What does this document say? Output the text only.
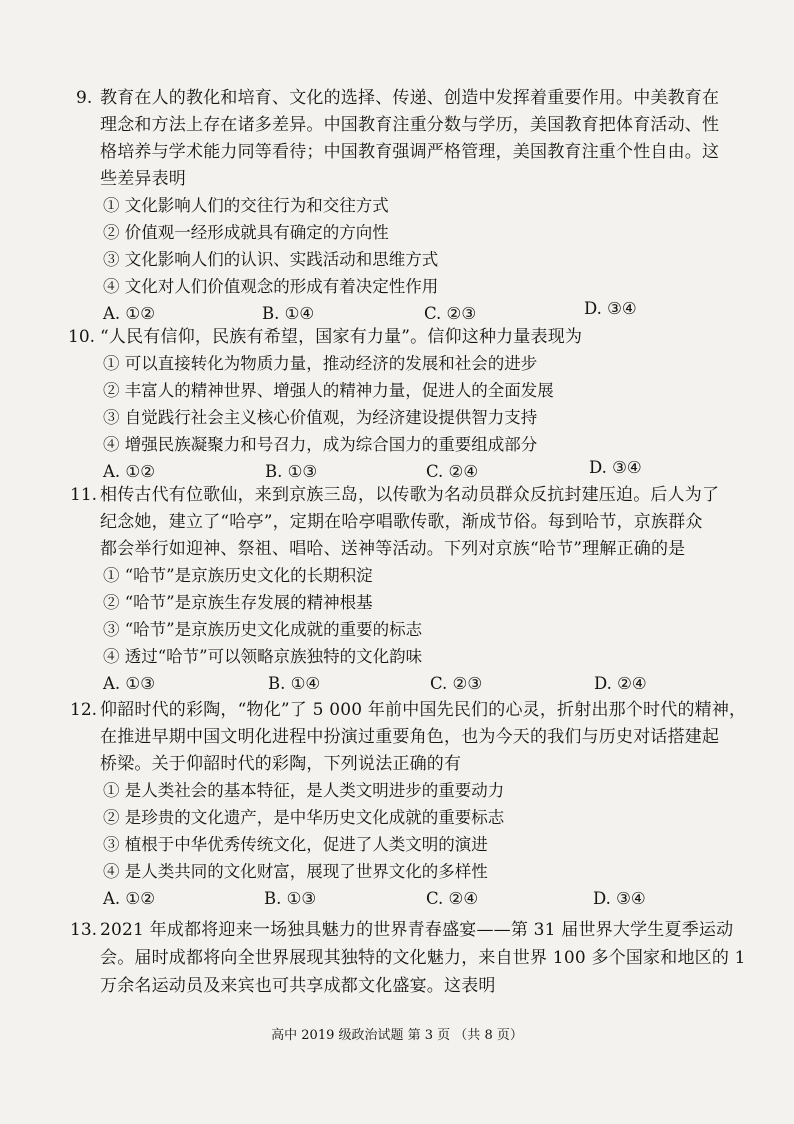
9. 教育在人的教化和培育、文化的选择、传递、创造中发挥着重要作用。中美教育在
理念和方法上存在诸多差异。中国教育注重分数与学历，美国教育把体育活动、性
格培养与学术能力同等看待；中国教育强调严格管理，美国教育注重个性自由。这
些差异表明
① 文化影响人们的交往行为和交往方式
② 价值观一经形成就具有确定的方向性
③ 文化影响人们的认识、实践活动和思维方式
④ 文化对人们价值观念的形成有着决定性作用
A. ①②	B. ①④	C. ②③	D. ③④
10. “人民有信仰，民族有希望，国家有力量”。信仰这种力量表现为
① 可以直接转化为物质力量，推动经济的发展和社会的进步
② 丰富人的精神世界、增强人的精神力量，促进人的全面发展
③ 自觉践行社会主义核心价值观，为经济建设提供智力支持
④ 增强民族凝聚力和号召力，成为综合国力的重要组成部分
A. ①②	B. ①③	C. ②④	D. ③④
11. 相传古代有位歌仙，来到京族三岛，以传歌为名动员群众反抗封建压迫。后人为了
纪念她，建立了“哈亭”，定期在哈亭唱歌传歌，渐成节俗。每到哈节，京族群众
都会举行如迎神、祭祖、唱哈、送神等活动。下列对京族“哈节”理解正确的是
① “哈节”是京族历史文化的长期积淀
② “哈节”是京族生存发展的精神根基
③ “哈节”是京族历史文化成就的重要的标志
④ 透过“哈节”可以领略京族独特的文化韵味
A. ①③	B. ①④	C. ②③	D. ②④
12. 仰韶时代的彩陶，“物化”了 5 000 年前中国先民们的心灵，折射出那个时代的精神，
在推进早期中国文明化进程中扮演过重要角色，也为今天的我们与历史对话搭建起
桥梁。关于仰韶时代的彩陶，下列说法正确的有
① 是人类社会的基本特征，是人类文明进步的重要动力
② 是珍贵的文化遗产，是中华历史文化成就的重要标志
③ 植根于中华优秀传统文化，促进了人类文明的演进
④ 是人类共同的文化财富，展现了世界文化的多样性
A. ①②	B. ①③	C. ②④	D. ③④
13. 2021 年成都将迎来一场独具魅力的世界青春盛宴——第 31 届世界大学生夏季运动
会。届时成都将向全世界展现其独特的文化魅力，来自世界 100 多个国家和地区的 1
万余名运动员及来宾也可共享成都文化盛宴。这表明
高中 2019 级政治试题 第 3 页 （共 8 页）
